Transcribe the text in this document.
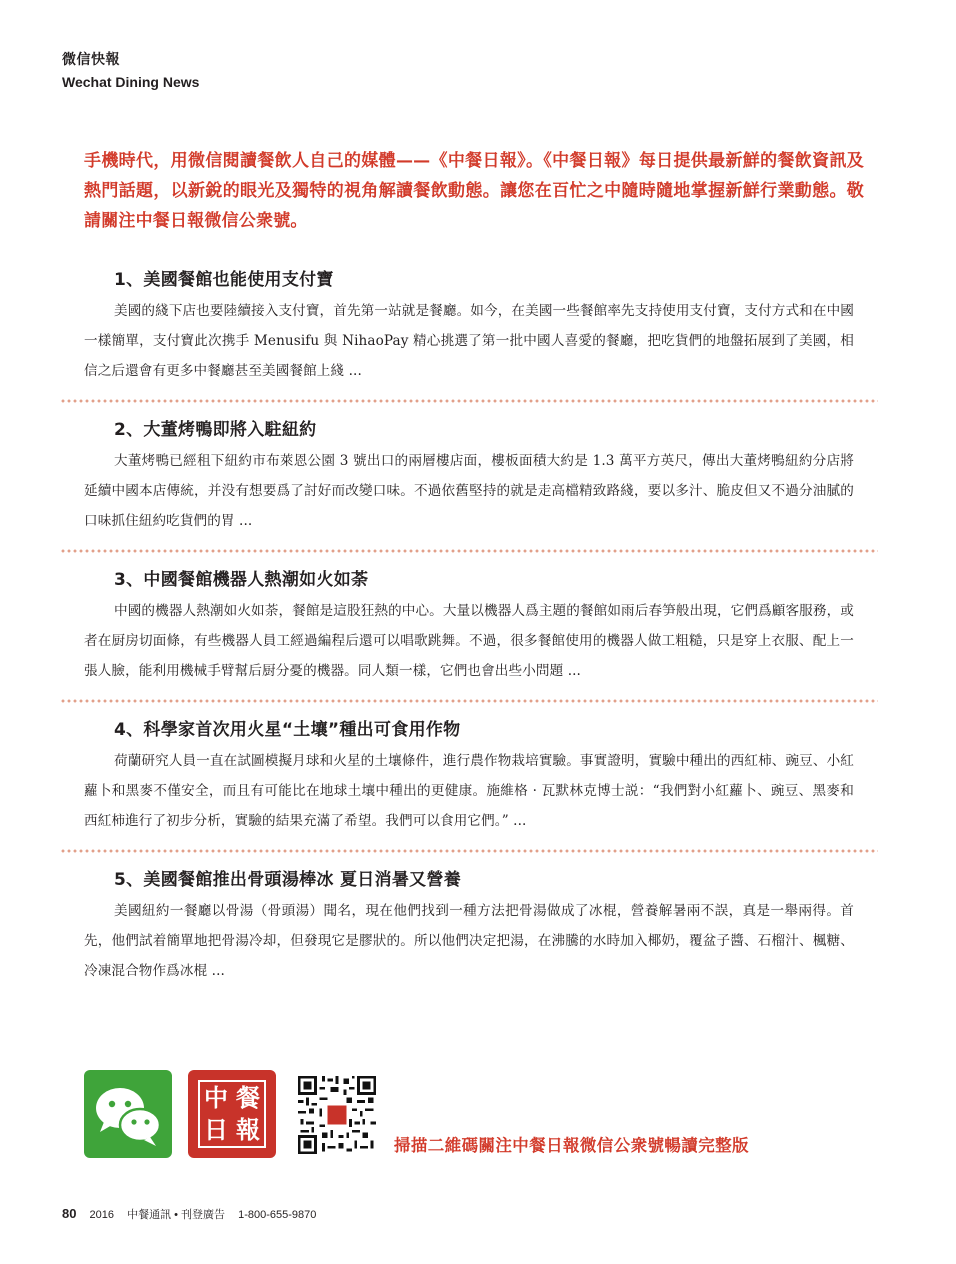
微信快報
Wechat Dining News
手機時代，用微信閱讀餐飲人自己的媒體——《中餐日報》。《中餐日報》每日提供最新鮮的餐飲資訊及熱門話題，以新銳的眼光及獨特的視角解讀餐飲動態。讓您在百忙之中隨時隨地掌握新鮮行業動態。敬請關注中餐日報微信公衆號。
1、美國餐館也能使用支付寶
美國的綫下店也要陸續接入支付寶，首先第一站就是餐廳。如今，在美國一些餐館率先支持使用支付寶，支付方式和在中國一樣簡單，支付寶此次携手 Menusifu 與 NihaoPay 精心挑選了第一批中國人喜愛的餐廳，把吃貨們的地盤拓展到了美國，相信之后還會有更多中餐廳甚至美國餐館上綫 ...
2、大董烤鴨即將入駐紐約
大董烤鴨已經租下紐約市布萊恩公園 3 號出口的兩層樓店面，樓板面積大約是 1.3 萬平方英尺，傳出大董烤鴨紐約分店將延續中國本店傳統，并没有想要爲了討好而改變口味。不過依舊堅持的就是走高檔精致路綫，要以多汁、脆皮但又不過分油膩的口味抓住紐約吃貨們的胃 ...
3、中國餐館機器人熱潮如火如荼
中國的機器人熱潮如火如荼，餐館是這股狂熱的中心。大量以機器人爲主題的餐館如雨后春笋般出現，它們爲顧客服務，或者在厨房切面條，有些機器人員工經過編程后還可以唱歌跳舞。不過，很多餐館使用的機器人做工粗糙，只是穿上衣服、配上一張人臉，能利用機械手臂幫后厨分憂的機器。同人類一樣，它們也會出些小問題 ...
4、科學家首次用火星“土壤”種出可食用作物
荷蘭研究人員一直在試圖模擬月球和火星的土壤條件，進行農作物栽培實驗。事實證明，實驗中種出的西紅柿、豌豆、小紅蘿卜和黑麥不僅安全，而且有可能比在地球土壤中種出的更健康。施維格 · 瓦默林克博士説：“我們對小紅蘿卜、豌豆、黑麥和西紅柿進行了初步分析，實驗的結果充滿了希望。我們可以食用它們。” ...
5、美國餐館推出骨頭湯棒冰 夏日消暑又營養
美國紐約一餐廳以骨湯（骨頭湯）聞名，現在他們找到一種方法把骨湯做成了冰棍，營養解暑兩不誤，真是一舉兩得。首先，他們試着簡單地把骨湯冷却，但發現它是膠狀的。所以他們决定把湯，在沸騰的水時加入椰奶，覆盆子醬、石榴汁、楓糖、冷凍混合物作爲冰棍 ...
中 餐
日 報
掃描二維碼關注中餐日報微信公衆號暢讀完整版
80 2016 中餐通訊 • 刊登廣告 1-800-655-9870
